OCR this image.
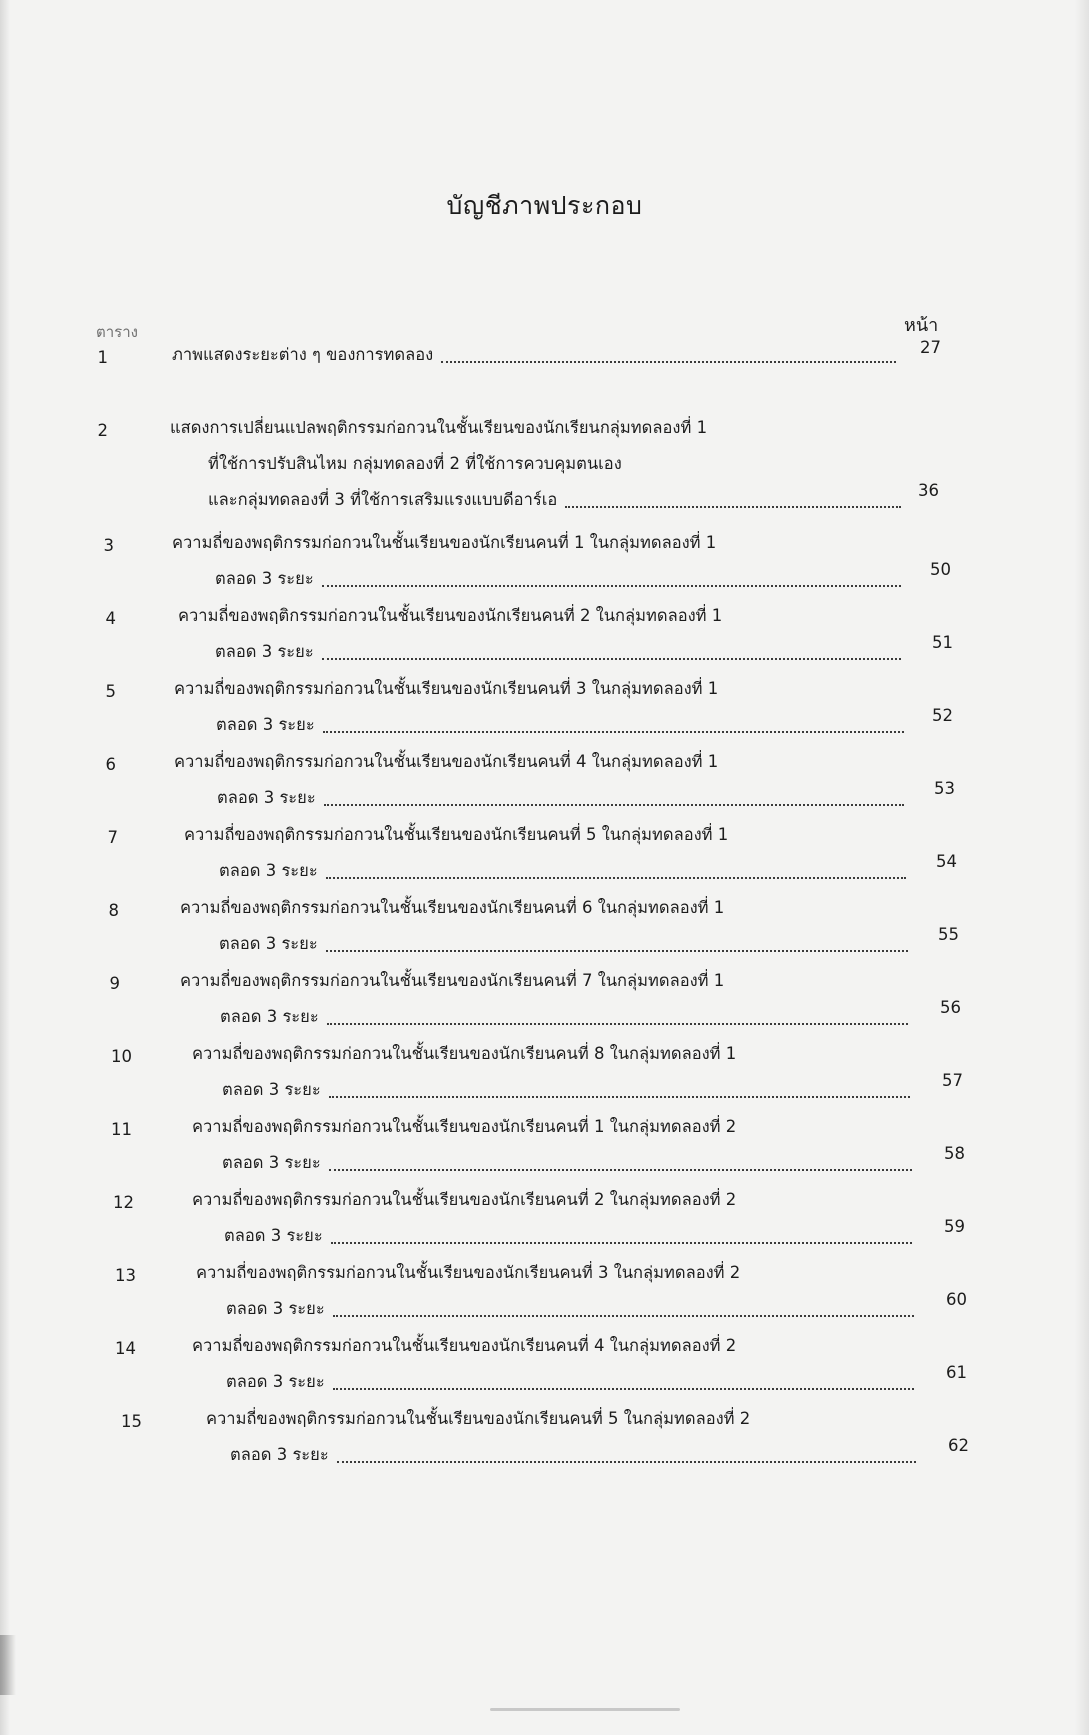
บัญชีภาพประกอบ
ตาราง	หน้า
1	ภาพแสดงระยะต่าง ๆ ของการทดลอง	27
2	แสดงการเปลี่ยนแปลพฤติกรรมก่อกวนในชั้นเรียนของนักเรียนกลุ่มทดลองที่ 1
ที่ใช้การปรับสินไหม กลุ่มทดลองที่ 2 ที่ใช้การควบคุมตนเอง
และกลุ่มทดลองที่ 3 ที่ใช้การเสริมแรงแบบดีอาร์เอ	36
3	ความถี่ของพฤติกรรมก่อกวนในชั้นเรียนของนักเรียนคนที่ 1 ในกลุ่มทดลองที่ 1
ตลอด 3 ระยะ	50
4	ความถี่ของพฤติกรรมก่อกวนในชั้นเรียนของนักเรียนคนที่ 2 ในกลุ่มทดลองที่ 1
ตลอด 3 ระยะ	51
5	ความถี่ของพฤติกรรมก่อกวนในชั้นเรียนของนักเรียนคนที่ 3 ในกลุ่มทดลองที่ 1
ตลอด 3 ระยะ	52
6	ความถี่ของพฤติกรรมก่อกวนในชั้นเรียนของนักเรียนคนที่ 4 ในกลุ่มทดลองที่ 1
ตลอด 3 ระยะ	53
7	ความถี่ของพฤติกรรมก่อกวนในชั้นเรียนของนักเรียนคนที่ 5 ในกลุ่มทดลองที่ 1
ตลอด 3 ระยะ	54
8	ความถี่ของพฤติกรรมก่อกวนในชั้นเรียนของนักเรียนคนที่ 6 ในกลุ่มทดลองที่ 1
ตลอด 3 ระยะ	55
9	ความถี่ของพฤติกรรมก่อกวนในชั้นเรียนของนักเรียนคนที่ 7 ในกลุ่มทดลองที่ 1
ตลอด 3 ระยะ	56
10	ความถี่ของพฤติกรรมก่อกวนในชั้นเรียนของนักเรียนคนที่ 8 ในกลุ่มทดลองที่ 1
ตลอด 3 ระยะ	57
11	ความถี่ของพฤติกรรมก่อกวนในชั้นเรียนของนักเรียนคนที่ 1 ในกลุ่มทดลองที่ 2
ตลอด 3 ระยะ	58
12	ความถี่ของพฤติกรรมก่อกวนในชั้นเรียนของนักเรียนคนที่ 2 ในกลุ่มทดลองที่ 2
ตลอด 3 ระยะ	59
13	ความถี่ของพฤติกรรมก่อกวนในชั้นเรียนของนักเรียนคนที่ 3 ในกลุ่มทดลองที่ 2
ตลอด 3 ระยะ	60
14	ความถี่ของพฤติกรรมก่อกวนในชั้นเรียนของนักเรียนคนที่ 4 ในกลุ่มทดลองที่ 2
ตลอด 3 ระยะ	61
15	ความถี่ของพฤติกรรมก่อกวนในชั้นเรียนของนักเรียนคนที่ 5 ในกลุ่มทดลองที่ 2
ตลอด 3 ระยะ	62
